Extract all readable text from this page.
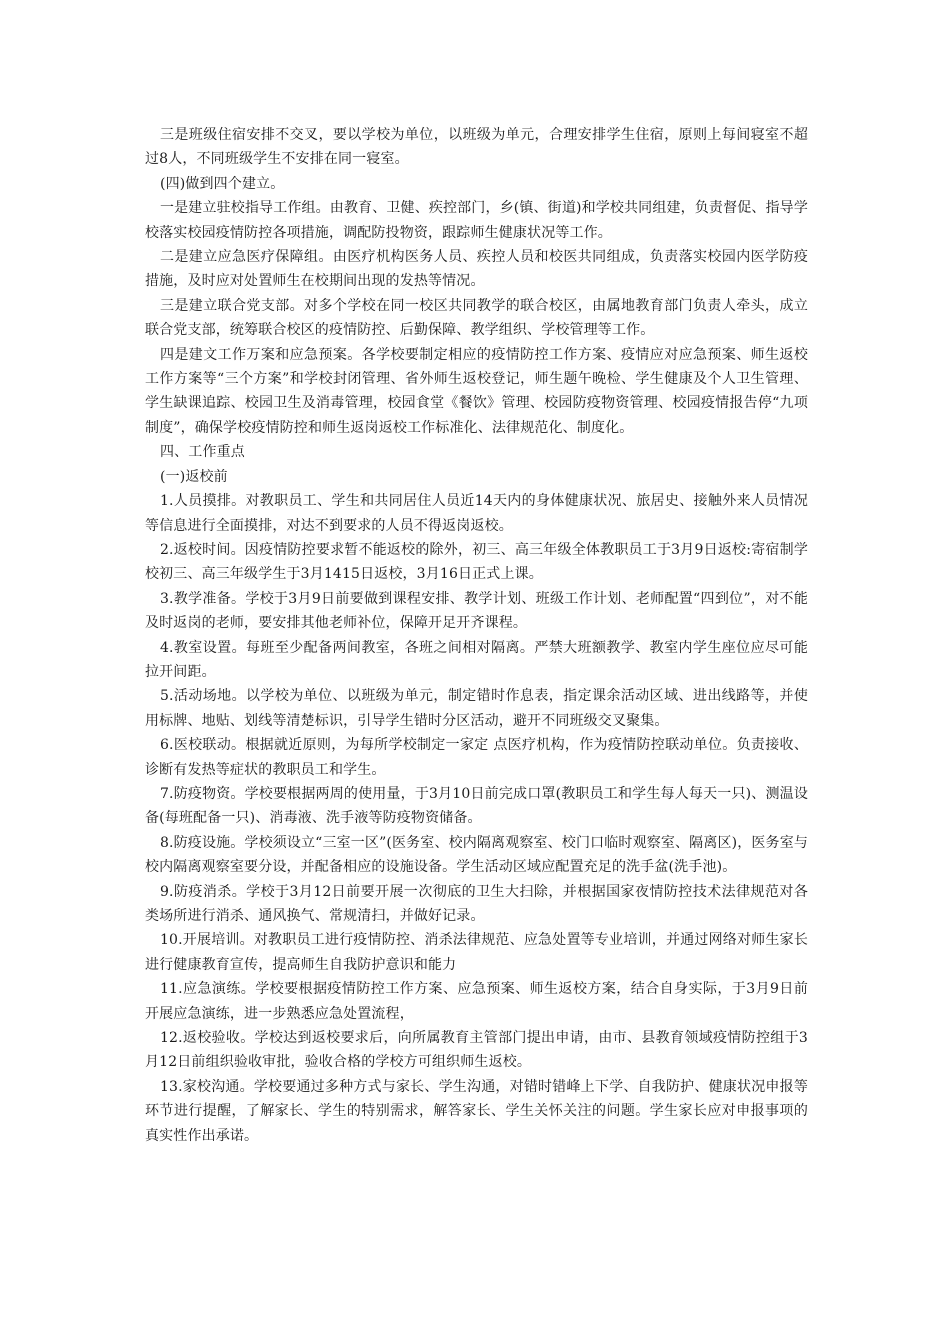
三是班级住宿安排不交叉，要以学校为单位，以班级为单元，合理安排学生住宿，原则上每间寝室不超过8人，不同班级学生不安排在同一寝室。

(四)做到四个建立。

一是建立驻校指导工作组。由教育、卫健、疾控部门，乡(镇、街道)和学校共同组建，负责督促、指导学校落实校园疫情防控各项措施，调配防投物资，跟踪师生健康状况等工作。

二是建立应急医疗保障组。由医疗机构医务人员、疾控人员和校医共同组成，负责落实校园内医学防疫措施，及时应对处置师生在校期间出现的发热等情况。

三是建立联合党支部。对多个学校在同一校区共同教学的联合校区，由属地教育部门负责人牵头，成立联合党支部，统筹联合校区的疫情防控、后勤保障、教学组织、学校管理等工作。

四是建文工作万案和应急预案。各学校要制定相应的疫情防控工作方案、疫情应对应急预案、师生返校工作方案等“三个方案”和学校封闭管理、省外师生返校登记，师生题午晚检、学生健康及个人卫生管理、学生缺课追踪、校园卫生及消毒管理，校园食堂《餐饮》管理、校园防疫物资管理、校园疫情报告停“九项制度”，确保学校疫情防控和师生返岗返校工作标准化、法律规范化、制度化。

四、工作重点

(一)返校前

1.人员摸排。对教职员工、学生和共同居住人员近14天内的身体健康状况、旅居史、接触外来人员情况等信息进行全面摸排，对达不到要求的人员不得返岗返校。

2.返校时间。因疫情防控要求暂不能返校的除外，初三、高三年级全体教职员工于3月9日返校:寄宿制学校初三、高三年级学生于3月1415日返校，3月16日正式上课。

3.教学准备。学校于3月9日前要做到课程安排、教学计划、班级工作计划、老师配置“四到位”，对不能及时返岗的老师，要安排其他老师补位，保障开足开齐课程。

4.教室设置。每班至少配备两间教室，各班之间相对隔离。严禁大班额教学、教室内学生座位应尽可能拉开间距。

5.活动场地。以学校为单位、以班级为单元，制定错时作息表，指定课余活动区域、进出线路等，并使用标牌、地贴、划线等清楚标识，引导学生错时分区活动，避开不同班级交叉聚集。

6.医校联动。根据就近原则，为每所学校制定一家定 点医疗机构，作为疫情防控联动单位。负责接收、诊断有发热等症状的教职员工和学生。

7.防疫物资。学校要根据两周的使用量，于3月10日前完成口罩(教职员工和学生每人每天一只)、测温设备(每班配备一只)、消毒液、洗手液等防疫物资储备。

8.防疫设施。学校须设立“三室一区”(医务室、校内隔离观察室、校门口临时观察室、隔离区)，医务室与校内隔离观察室要分设，并配备相应的设施设备。学生活动区域应配置充足的洗手盆(洗手池)。

9.防疫消杀。学校于3月12日前要开展一次彻底的卫生大扫除，并根据国家夜情防控技术法律规范对各类场所进行消杀、通风换气、常规清扫，并做好记录。

10.开展培训。对教职员工进行疫情防控、消杀法律规范、应急处置等专业培训，并通过网络对师生家长进行健康教育宣传，提高师生自我防护意识和能力

11.应急演练。学校要根据疫情防控工作方案、应急预案、师生返校方案，结合自身实际，于3月9日前开展应急演练，进一步熟悉应急处置流程，

12.返校验收。学校达到返校要求后，向所属教育主管部门提出申请，由市、县教育领域疫情防控组于3月12日前组织验收审批，验收合格的学校方可组织师生返校。

13.家校沟通。学校要通过多种方式与家长、学生沟通，对错时错峰上下学、自我防护、健康状况申报等环节进行提醒，了解家长、学生的特别需求，解答家长、学生关怀关注的问题。学生家长应对申报事项的真实性作出承诺。
